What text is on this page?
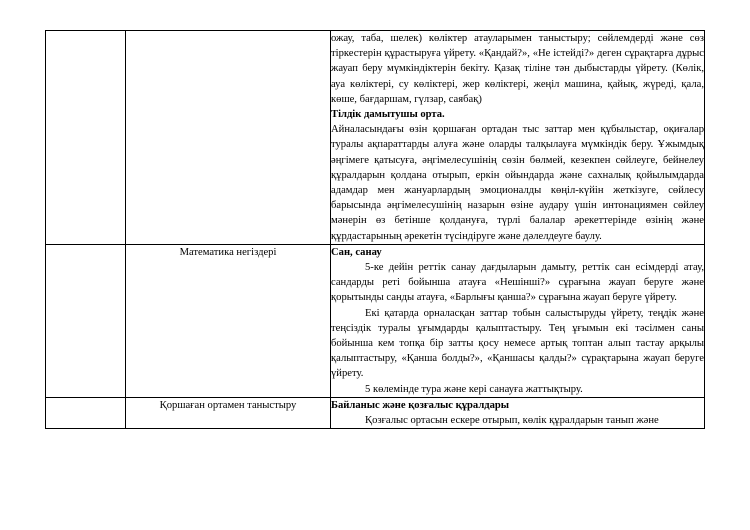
		ожау, таба, шелек) көліктер атауларымен таныстыру; сөйлемдерді және сөз тіркестерін құрастыруға үйрету. «Қандай?», «Не істейді?» деген сұрақтарға дұрыс жауап беру мүмкіндіктерін бекіту. Қазақ тіліне тән дыбыстарды үйрету. (Көлік, ауа көліктері, су көліктері, жер көліктері, жеңіл машина, қайық, жүреді, қала, көше, бағдаршам, гүлзар, саябақ)

Тілдік дамытушы орта.

Айналасындағы өзін қоршаған ортадан тыс заттар мен құбылыстар, оқиғалар туралы ақпараттарды алуға және оларды талқылауға мүмкіндік беру. Ұжымдық әңгімеге қатысуға, әңгімелесушінің сөзін бөлмей, кезекпен сөйлеуге, бейнелеу құралдарын қолдана отырып, еркін ойындарда және сахналық қойылымдарда адамдар мен жануарлардың эмоционалды көңіл-күйін жеткізуге, сөйлесу барысында әңгімелесушінің назарын өзіне аудару үшін интонациямен сөйлеу мәнерін өз бетінше қолдануға, түрлі балалар әрекеттерінде өзінің және құрдастарының әрекетін түсіндіруге және дәлелдеуге баулу.

	Математика негіздері	Сан, санау

5-ке дейін реттік санау дағдыларын дамыту, реттік сан есімдерді атау, сандарды реті бойынша атауға «Нешінші?» сұрағына жауап беруге және қорытынды санды атауға, «Барлығы қанша?» сұрағына жауап беруге үйрету.

Екі қатарда орналасқан заттар тобын салыстыруды үйрету, теңдік және теңсіздік туралы ұғымдарды қалыптастыру. Тең ұғымын екі тәсілмен саны бойынша кем топқа бір затты қосу немесе артық топтан алып тастау арқылы қалыптастыру, «Қанша болды?», «Қаншасы қалды?» сұрақтарына жауап беруге үйрету.

5 көлемінде тура және кері санауға жаттықтыру.

	Қоршаған ортамен таныстыру	Байланыс және қозғалыс құралдары

Қозғалыс ортасын ескере отырып, көлік құралдарын танып және
